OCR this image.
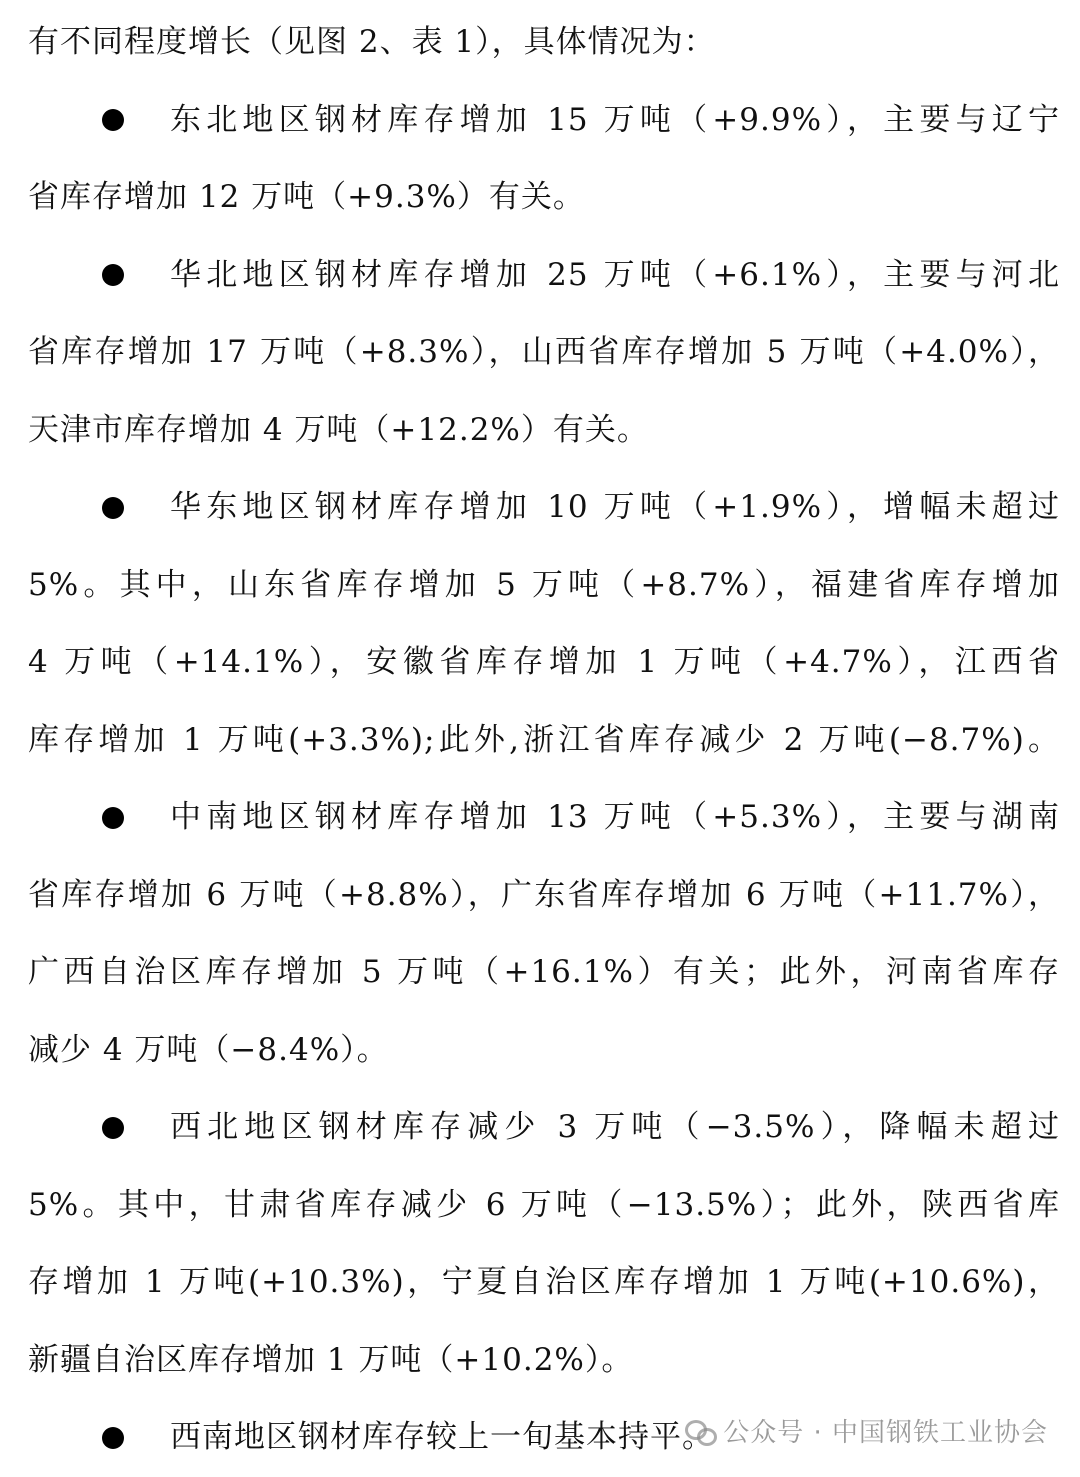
有不同程度增长（见图 2、表 1），具体情况为：
东北地区钢材库存增加 15 万吨（+9.9%），主要与辽宁
省库存增加 12 万吨（+9.3%）有关。
华北地区钢材库存增加 25 万吨（+6.1%），主要与河北
省库存增加 17 万吨（+8.3%），山西省库存增加 5 万吨（+4.0%），
天津市库存增加 4 万吨（+12.2%）有关。
华东地区钢材库存增加 10 万吨（+1.9%），增幅未超过
5%。其中，山东省库存增加 5 万吨（+8.7%），福建省库存增加
4 万吨（+14.1%），安徽省库存增加 1 万吨（+4.7%），江西省
库存增加 1 万吨(+3.3%);此外,浙江省库存减少 2 万吨(−8.7%)。
中南地区钢材库存增加 13 万吨（+5.3%），主要与湖南
省库存增加 6 万吨（+8.8%），广东省库存增加 6 万吨（+11.7%），
广西自治区库存增加 5 万吨（+16.1%）有关；此外，河南省库存
减少 4 万吨（−8.4%）。
西北地区钢材库存减少 3 万吨（−3.5%），降幅未超过
5%。其中，甘肃省库存减少 6 万吨（−13.5%）；此外，陕西省库
存增加 1 万吨(+10.3%)，宁夏自治区库存增加 1 万吨(+10.6%)，
新疆自治区库存增加 1 万吨（+10.2%）。
西南地区钢材库存较上一旬基本持平。 公众号 · 中国钢铁工业协会
